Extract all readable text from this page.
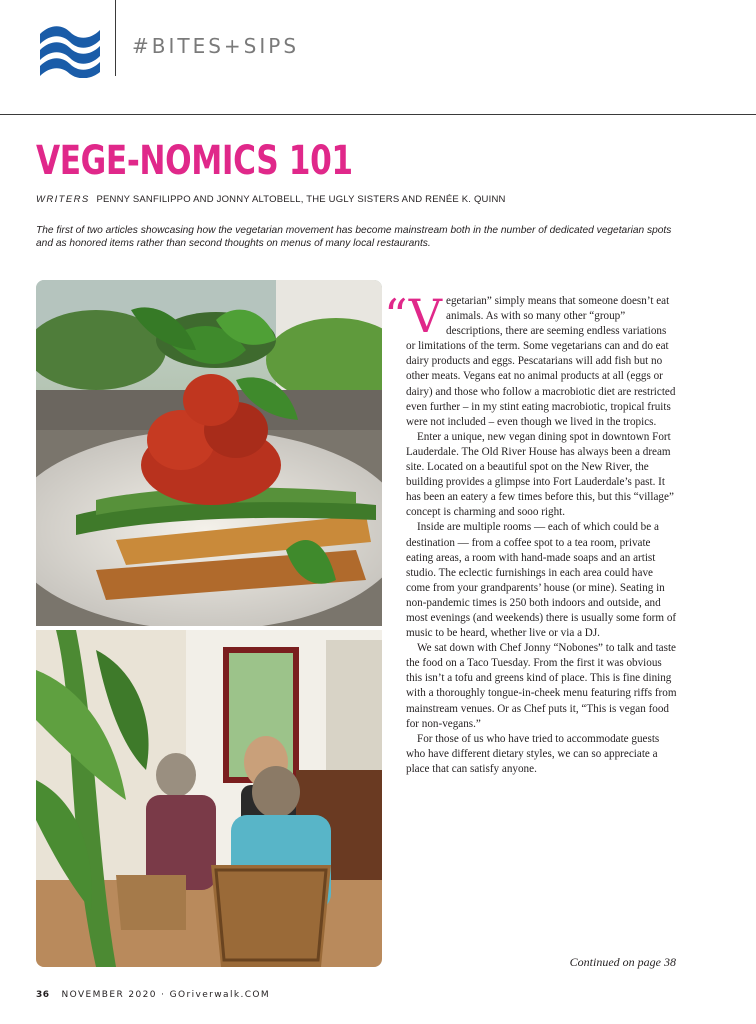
#BITES+SIPS
VEGE-NOMICS 101
WRITERS PENNY SANFILIPPO AND JONNY ALTOBELL, THE UGLY SISTERS AND RENÉE K. QUINN

The first of two articles showcasing how the vegetarian movement has become mainstream both in the number of dedicated vegetarian spots and as honored items rather than second thoughts on menus of many local restaurants.

“Vegetarian” simply means that someone doesn’t eat animals. As with so many other “group” descriptions, there are seeming endless variations or limitations of the term. Some vegetarians can and do eat dairy products and eggs. Pescatarians will add fish but no other meats. Vegans eat no animal products at all (eggs or dairy) and those who follow a macrobiotic diet are restricted even further – in my stint eating macrobiotic, tropical fruits were not included – even though we lived in the tropics.

Enter a unique, new vegan dining spot in downtown Fort Lauderdale. The Old River House has always been a dream site. Located on a beautiful spot on the New River, the building provides a glimpse into Fort Lauderdale’s past. It has been an eatery a few times before this, but this “village” concept is charming and sooo right.

Inside are multiple rooms — each of which could be a destination — from a coffee spot to a tea room, private eating areas, a room with hand-made soaps and an artist studio. The eclectic furnishings in each area could have come from your grandparents’ house (or mine). Seating in non-pandemic times is 250 both indoors and outside, and most evenings (and weekends) there is usually some form of music to be heard, whether live or via a DJ.

We sat down with Chef Jonny “Nobones” to talk and taste the food on a Taco Tuesday. From the first it was obvious this isn’t a tofu and greens kind of place. This is fine dining with a thoroughly tongue-in-cheek menu featuring riffs from mainstream venues. Or as Chef puts it, “This is vegan food for non-vegans.”

For those of us who have tried to accommodate guests who have different dietary styles, we can so appreciate a place that can satisfy anyone.

Continued on page 38
36 NOVEMBER 2020 · GOriverwalk.COM
